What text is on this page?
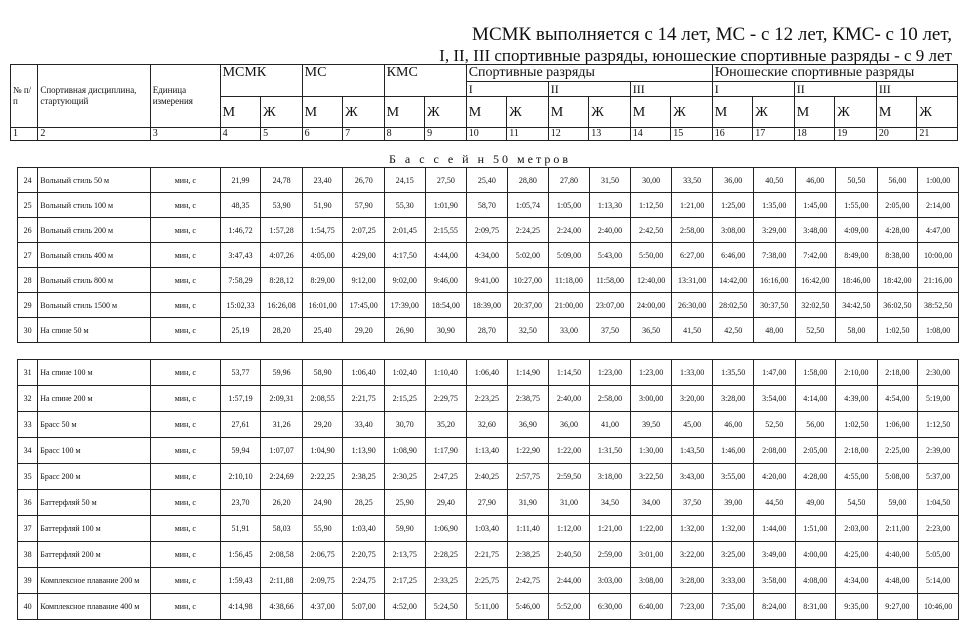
МСМК выполняется с 14 лет, МС - с 12 лет, КМС- с 10 лет,
I, II, III спортивные разряды, юношеские спортивные разряды - с 9 лет
№ п/п	Спортивная дисциплина, стартующий	Единица измерения	МСМК		МС		КМС		Спортивные разряды						Юношеские спортивные разряды					
									I		II		III		I		II		III	
			М	Ж	М	Ж	М	Ж	М	Ж	М	Ж	М	Ж	М	Ж	М	Ж	М	Ж
1	2	3	4	5	6	7	8	9	10	11	12	13	14	15	16	17	18	19	20	21
Б а с с е й н 50 метров
24	Вольный стиль 50 м	мин, с	21,99	24,78	23,40	26,70	24,15	27,50	25,40	28,80	27,80	31,50	30,00	33,50	36,00	40,50	46,00	50,50	56,00	1:00,00
25	Вольный стиль 100 м	мин, с	48,35	53,90	51,90	57,90	55,30	1:01,90	58,70	1:05,74	1:05,00	1:13,30	1:12,50	1:21,00	1:25,00	1:35,00	1:45,00	1:55,00	2:05,00	2:14,00
26	Вольный стиль 200 м	мин, с	1:46,72	1:57,28	1:54,75	2:07,25	2:01,45	2:15,55	2:09,75	2:24,25	2:24,00	2:40,00	2:42,50	2:58,00	3:08,00	3:29,00	3:48,00	4:09,00	4:28,00	4:47,00
27	Вольный стиль 400 м	мин, с	3:47,43	4:07,26	4:05,00	4:29,00	4:17,50	4:44,00	4:34,00	5:02,00	5:09,00	5:43,00	5:50,00	6:27,00	6:46,00	7:38,00	7:42,00	8:49,00	8:38,00	10:00,00
28	Вольный стиль 800 м	мин, с	7:58,29	8:28,12	8:29,00	9:12,00	9:02,00	9:46,00	9:41,00	10:27,00	11:18,00	11:58,00	12:40,00	13:31,00	14:42,00	16:16,00	16:42,00	18:46,00	18:42,00	21:16,00
29	Вольный стиль 1500 м	мин, с	15:02,33	16:26,08	16:01,00	17:45,00	17:39,00	18:54,00	18:39,00	20:37,00	21:00,00	23:07,00	24:00,00	26:30,00	28:02,50	30:37,50	32:02,50	34:42,50	36:02,50	38:52,50
30	На спине 50 м	мин, с	25,19	28,20	25,40	29,20	26,90	30,90	28,70	32,50	33,00	37,50	36,50	41,50	42,50	48,00	52,50	58,00	1:02,50	1:08,00
31	На спине 100 м	мин, с	53,77	59,96	58,90	1:06,40	1:02,40	1:10,40	1:06,40	1:14,90	1:14,50	1:23,00	1:23,00	1:33,00	1:35,50	1:47,00	1:58,00	2:10,00	2:18,00	2:30,00
32	На спине 200 м	мин, с	1:57,19	2:09,31	2:08,55	2:21,75	2:15,25	2:29,75	2:23,25	2:38,75	2:40,00	2:58,00	3:00,00	3:20,00	3:28,00	3:54,00	4:14,00	4:39,00	4:54,00	5:19,00
33	Брасс 50 м	мин, с	27,61	31,26	29,20	33,40	30,70	35,20	32,60	36,90	36,00	41,00	39,50	45,00	46,00	52,50	56,00	1:02,50	1:06,00	1:12,50
34	Брасс 100 м	мин, с	59,94	1:07,07	1:04,90	1:13,90	1:08,90	1:17,90	1:13,40	1:22,90	1:22,00	1:31,50	1:30,00	1:43,50	1:46,00	2:08,00	2:05,00	2:18,00	2:25,00	2:39,00
35	Брасс 200 м	мин, с	2:10,10	2:24,69	2:22,25	2:38,25	2:30,25	2:47,25	2:40,25	2:57,75	2:59,50	3:18,00	3:22,50	3:43,00	3:55,00	4:20,00	4:28,00	4:55,00	5:08,00	5:37,00
36	Баттерфляй 50 м	мин, с	23,70	26,20	24,90	28,25	25,90	29,40	27,90	31,90	31,00	34,50	34,00	37,50	39,00	44,50	49,00	54,50	59,00	1:04,50
37	Баттерфляй 100 м	мин, с	51,91	58,03	55,90	1:03,40	59,90	1:06,90	1:03,40	1:11,40	1:12,00	1:21,00	1:22,00	1:32,00	1:32,00	1:44,00	1:51,00	2:03,00	2:11,00	2:23,00
38	Баттерфляй 200 м	мин, с	1:56,45	2:08,58	2:06,75	2:20,75	2:13,75	2:28,25	2:21,75	2:38,25	2:40,50	2:59,00	3:01,00	3:22,00	3:25,00	3:49,00	4:00,00	4:25,00	4:40,00	5:05,00
39	Комплексное плавание 200 м	мин, с	1:59,43	2:11,88	2:09,75	2:24,75	2:17,25	2:33,25	2:25,75	2:42,75	2:44,00	3:03,00	3:08,00	3:28,00	3:33,00	3:58,00	4:08,00	4:34,00	4:48,00	5:14,00
40	Комплексное плавание 400 м	мин, с	4:14,98	4:38,66	4:37,00	5:07,00	4:52,00	5:24,50	5:11,00	5:46,00	5:52,00	6:30,00	6:40,00	7:23,00	7:35,00	8:24,00	8:31,00	9:35,00	9:27,00	10:46,00
